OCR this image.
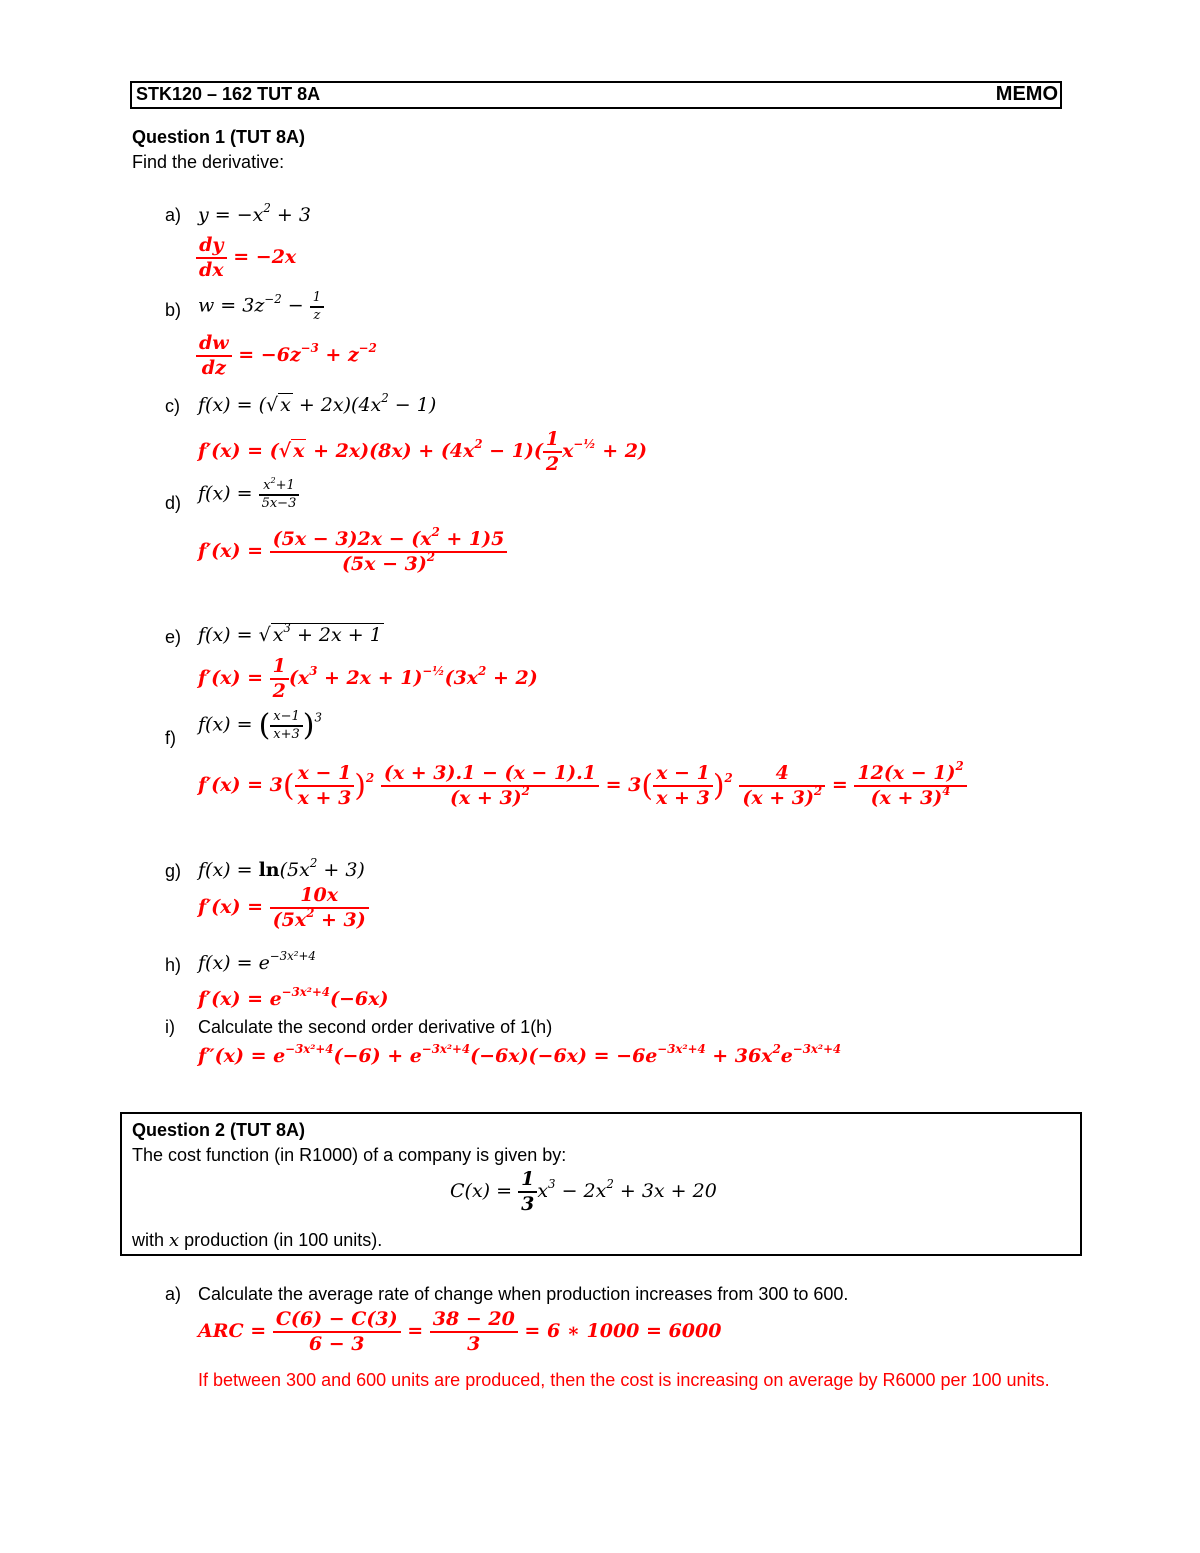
STK120 – 162 TUT 8A	MEMO
Question 1 (TUT 8A)
Find the derivative:
a) $y = -x^2 + 3$
$\frac{dy}{dx} = -2x$
b) $w = 3z^{-2} - \frac{1}{z}$
$\frac{dw}{dz} = -6z^{-3} + z^{-2}$
c) f(x) = (√ $x + 2x)(4x^2 - 1)$
f′(x) = (√ $x + 2x)(8x) + (4x^2 - 1)( \frac{1}{2} x^{-\frac{1}{2}} + 2)$
d) $f(x) = \frac{x^2+1}{5x-3}$
$f'(x) = \frac{(5x - 3)2x - (x^2 + 1)5}{(5x - 3)^2}$
e) f(x) = √ $x^3 + 2x + 1$
$f'(x) = \frac{1}{2} (x^3 + 2x + 1)^{-\frac{1}{2}}(3x^2 + 2)$
f)
f(x) = ( $\frac{x-1}{x+3} )^3$
$f'(x) = 3( \frac{x - 1}{x + 3} )^2 \frac{(x + 3).1 - (x - 1).1}{(x + 3)^2} = 3( \frac{x - 1}{x + 3} )^2 \frac{4}{(x + 3)^2} = \frac{12(x - 1)^2}{(x + 3)^4}$
g) $f(x) = \ln(5x^2 + 3)$
$f'(x) = \frac{10x}{(5x^2 + 3)}$
h) $f(x) = e^{-3x^2+4}$
$f'(x) = e^{-3x^2+4}(-6x)$
i) Calculate the second order derivative of 1(h)
$f''(x) = e^{-3x^2+4}(-6) + e^{-3x^2+4}(-6x)(-6x) = -6e^{-3x^2+4} + 36x^2e^{-3x^2+4}$
Question 2 (TUT 8A)
The cost function (in R1000) of a company is given by:
$C(x) = \frac{1}{3} x^3 - 2x^2 + 3x + 20$
with x production (in 100 units).
a) Calculate the average rate of change when production increases from 300 to 600.
ARC = $\frac{C(6) - C(3)}{6 - 3} = \frac{38 - 20}{3} = 6$ ∗ 1000 = 6000
If between 300 and 600 units are produced, then the cost is increasing on average by R6000 per 100 units.
